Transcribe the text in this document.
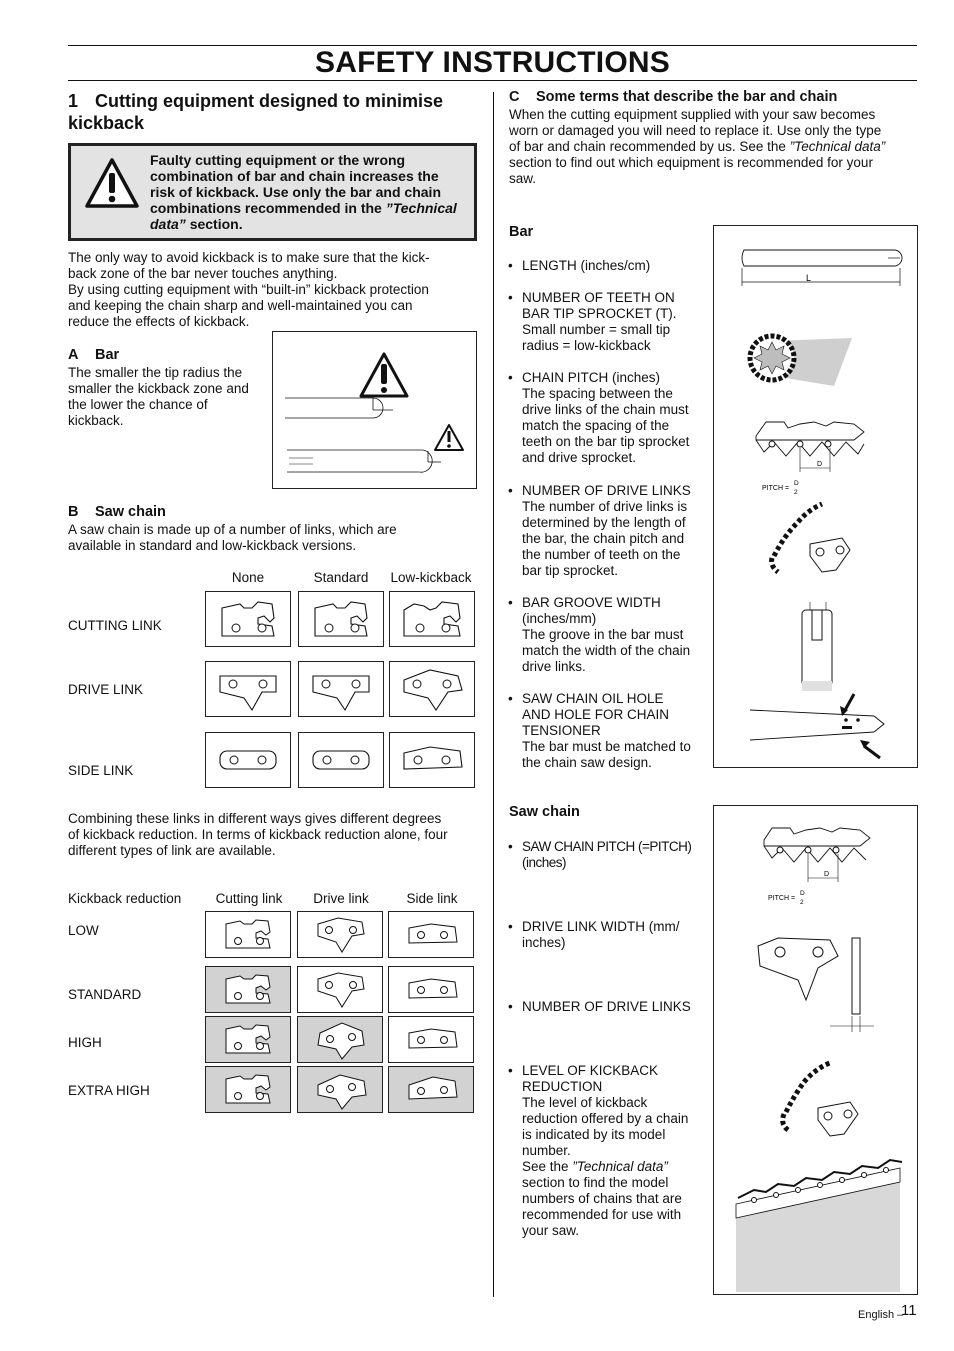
SAFETY INSTRUCTIONS
1 Cutting equipment designed to minimise
kickback
Faulty cutting equipment or the wrong
combination of bar and chain increases the
risk of kickback. Use only the bar and chain
combinations recommended in the ”Technical
data” section.
The only way to avoid kickback is to make sure that the kick-
back zone of the bar never touches anything.
By using cutting equipment with “built-in” kickback protection
and keeping the chain sharp and well-maintained you can
reduce the effects of kickback.
A Bar
The smaller the tip radius the
smaller the kickback zone and
the lower the chance of
kickback.
B Saw chain
A saw chain is made up of a number of links, which are
available in standard and low-kickback versions.
None	Standard	Low-kickback
CUTTING LINK
DRIVE LINK
SIDE LINK
Combining these links in different ways gives different degrees
of kickback reduction. In terms of kickback reduction alone, four
different types of link are available.
Kickback reduction	Cutting link	Drive link	Side link
LOW
STANDARD
HIGH
EXTRA HIGH
C Some terms that describe the bar and chain
When the cutting equipment supplied with your saw becomes
worn or damaged you will need to replace it. Use only the type
of bar and chain recommended by us. See the ”Technical data”
section to find out which equipment is recommended for your
saw.
Bar
• LENGTH (inches/cm)
• NUMBER OF TEETH ON
BAR TIP SPROCKET (T).
Small number = small tip
radius = low-kickback
• CHAIN PITCH (inches)
The spacing between the
drive links of the chain must
match the spacing of the
teeth on the bar tip sprocket
and drive sprocket.
• NUMBER OF DRIVE LINKS
The number of drive links is
determined by the length of
the bar, the chain pitch and
the number of teeth on the
bar tip sprocket.
• BAR GROOVE WIDTH
(inches/mm)
The groove in the bar must
match the width of the chain
drive links.
• SAW CHAIN OIL HOLE
AND HOLE FOR CHAIN
TENSIONER
The bar must be matched to
the chain saw design.
L
D
PITCH =
D
2
Saw chain
• SAW CHAIN PITCH (=PITCH)
(inches)
• DRIVE LINK WIDTH (mm/
inches)
• NUMBER OF DRIVE LINKS
• LEVEL OF KICKBACK
REDUCTION
The level of kickback
reduction offered by a chain
is indicated by its model
number.
See the ”Technical data”
section to find the model
numbers of chains that are
recommended for use with
your saw.
D
PITCH =
D
2
English –
11
